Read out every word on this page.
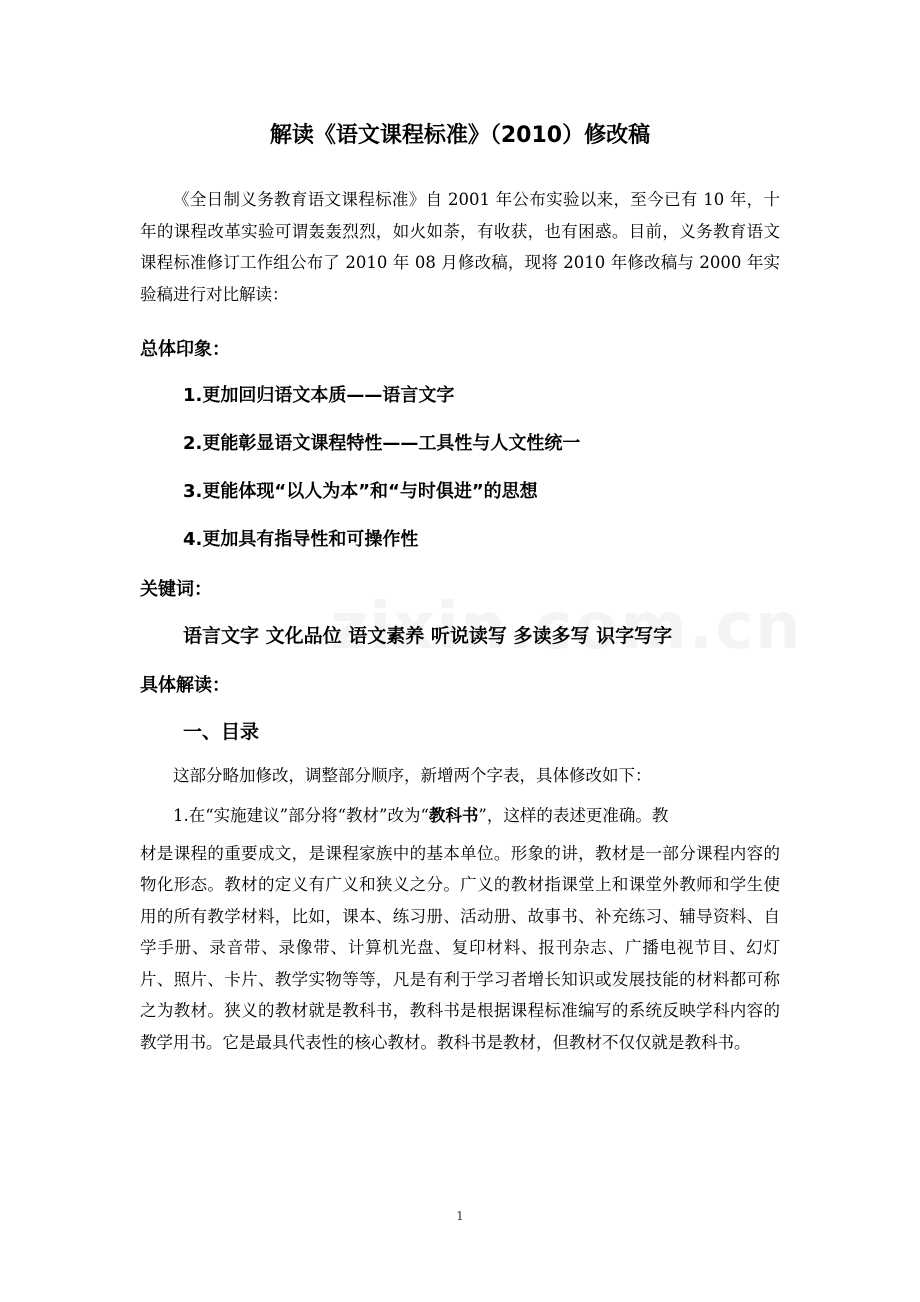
解读《语文课程标准》（2010）修改稿

《全日制义务教育语文课程标准》自 2001 年公布实验以来，至今已有 10 年，十年的课程改革实验可谓轰轰烈烈，如火如荼，有收获，也有困惑。目前，义务教育语文课程标准修订工作组公布了 2010 年 08 月修改稿，现将 2010 年修改稿与 2000 年实验稿进行对比解读：

总体印象：
1.更加回归语文本质——语言文字
2.更能彰显语文课程特性——工具性与人文性统一
3.更能体现“以人为本”和“与时俱进”的思想
4.更加具有指导性和可操作性
关键词：
语言文字 文化品位 语文素养 听说读写 多读多写 识字写字
具体解读：
一、目录
这部分略加修改，调整部分顺序，新增两个字表，具体修改如下：
1.在“实施建议”部分将“教材”改为“教科书”，这样的表述更准确。教
材是课程的重要成文，是课程家族中的基本单位。形象的讲，教材是一部分课程内容的物化形态。教材的定义有广义和狭义之分。广义的教材指课堂上和课堂外教师和学生使用的所有教学材料，比如，课本、练习册、活动册、故事书、补充练习、辅导资料、自学手册、录音带、录像带、计算机光盘、复印材料、报刊杂志、广播电视节目、幻灯片、照片、卡片、教学实物等等，凡是有利于学习者增长知识或发展技能的材料都可称之为教材。狭义的教材就是教科书，教科书是根据课程标准编写的系统反映学科内容的教学用书。它是最具代表性的核心教材。教科书是教材，但教材不仅仅就是教科书。
1
